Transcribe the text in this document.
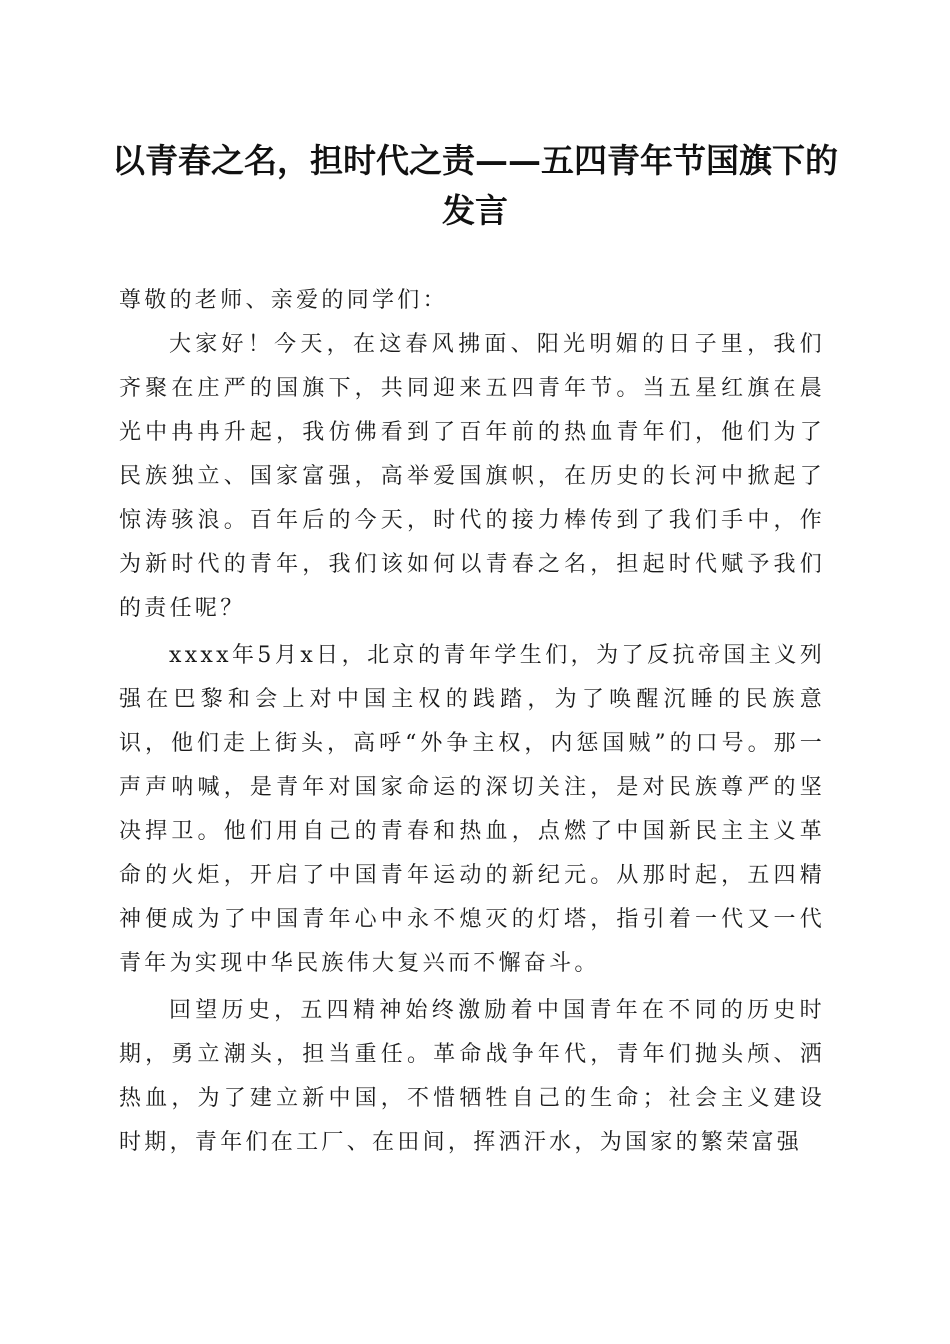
以青春之名，担时代之责——五四青年节国旗下的发言

尊敬的老师、亲爱的同学们：

大家好！今天，在这春风拂面、阳光明媚的日子里，我们齐聚在庄严的国旗下，共同迎来五四青年节。当五星红旗在晨光中冉冉升起，我仿佛看到了百年前的热血青年们，他们为了民族独立、国家富强，高举爱国旗帜，在历史的长河中掀起了惊涛骇浪。百年后的今天，时代的接力棒传到了我们手中，作为新时代的青年，我们该如何以青春之名，担起时代赋予我们的责任呢？

xxxx年5月x日，北京的青年学生们，为了反抗帝国主义列强在巴黎和会上对中国主权的践踏，为了唤醒沉睡的民族意识，他们走上街头，高呼“外争主权，内惩国贼”的口号。那一声声呐喊，是青年对国家命运的深切关注，是对民族尊严的坚决捍卫。他们用自己的青春和热血，点燃了中国新民主主义革命的火炬，开启了中国青年运动的新纪元。从那时起，五四精神便成为了中国青年心中永不熄灭的灯塔，指引着一代又一代青年为实现中华民族伟大复兴而不懈奋斗。

回望历史，五四精神始终激励着中国青年在不同的历史时期，勇立潮头，担当重任。革命战争年代，青年们抛头颅、洒热血，为了建立新中国，不惜牺牲自己的生命；社会主义建设时期，青年们在工厂、在田间，挥洒汗水，为国家的繁荣富强
